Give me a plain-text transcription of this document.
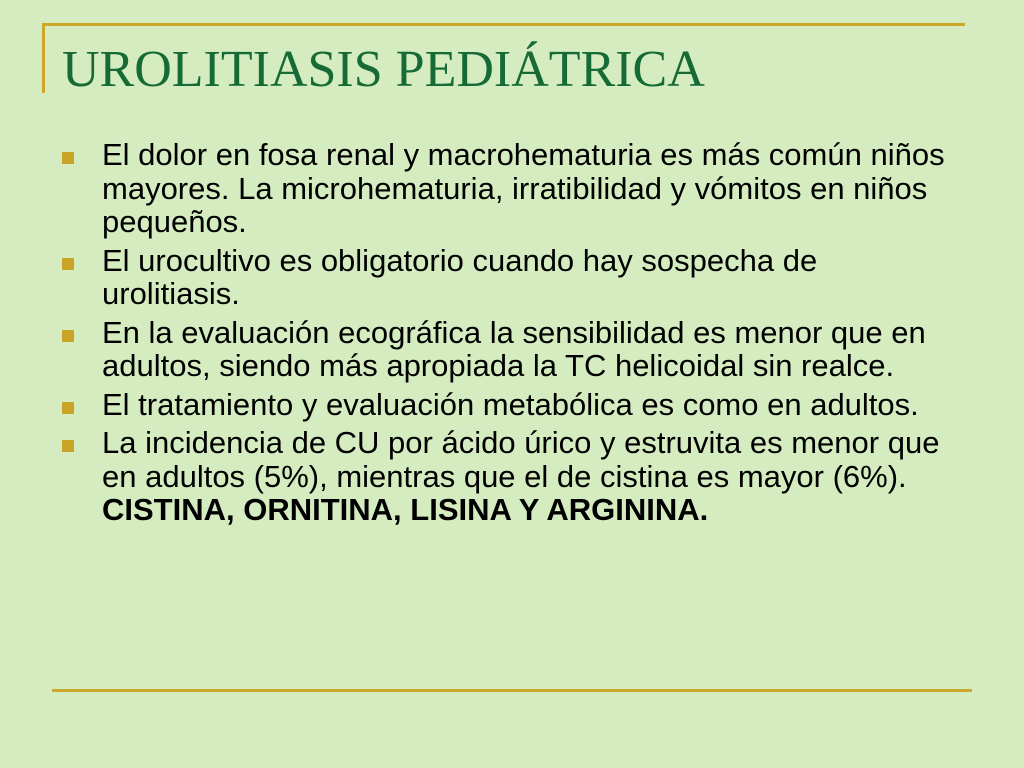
UROLITIASIS PEDIÁTRICA
El dolor en fosa renal y macrohematuria es más común niños mayores. La microhematuria, irratibilidad y vómitos en niños pequeños.
El urocultivo es obligatorio cuando hay sospecha de urolitiasis.
En la evaluación ecográfica la sensibilidad es menor que en adultos, siendo más apropiada la TC helicoidal sin realce.
El tratamiento y evaluación metabólica es como en adultos.
La incidencia de CU por ácido úrico y estruvita es menor que en adultos (5%), mientras que el de cistina es mayor (6%). CISTINA, ORNITINA, LISINA Y ARGININA.
